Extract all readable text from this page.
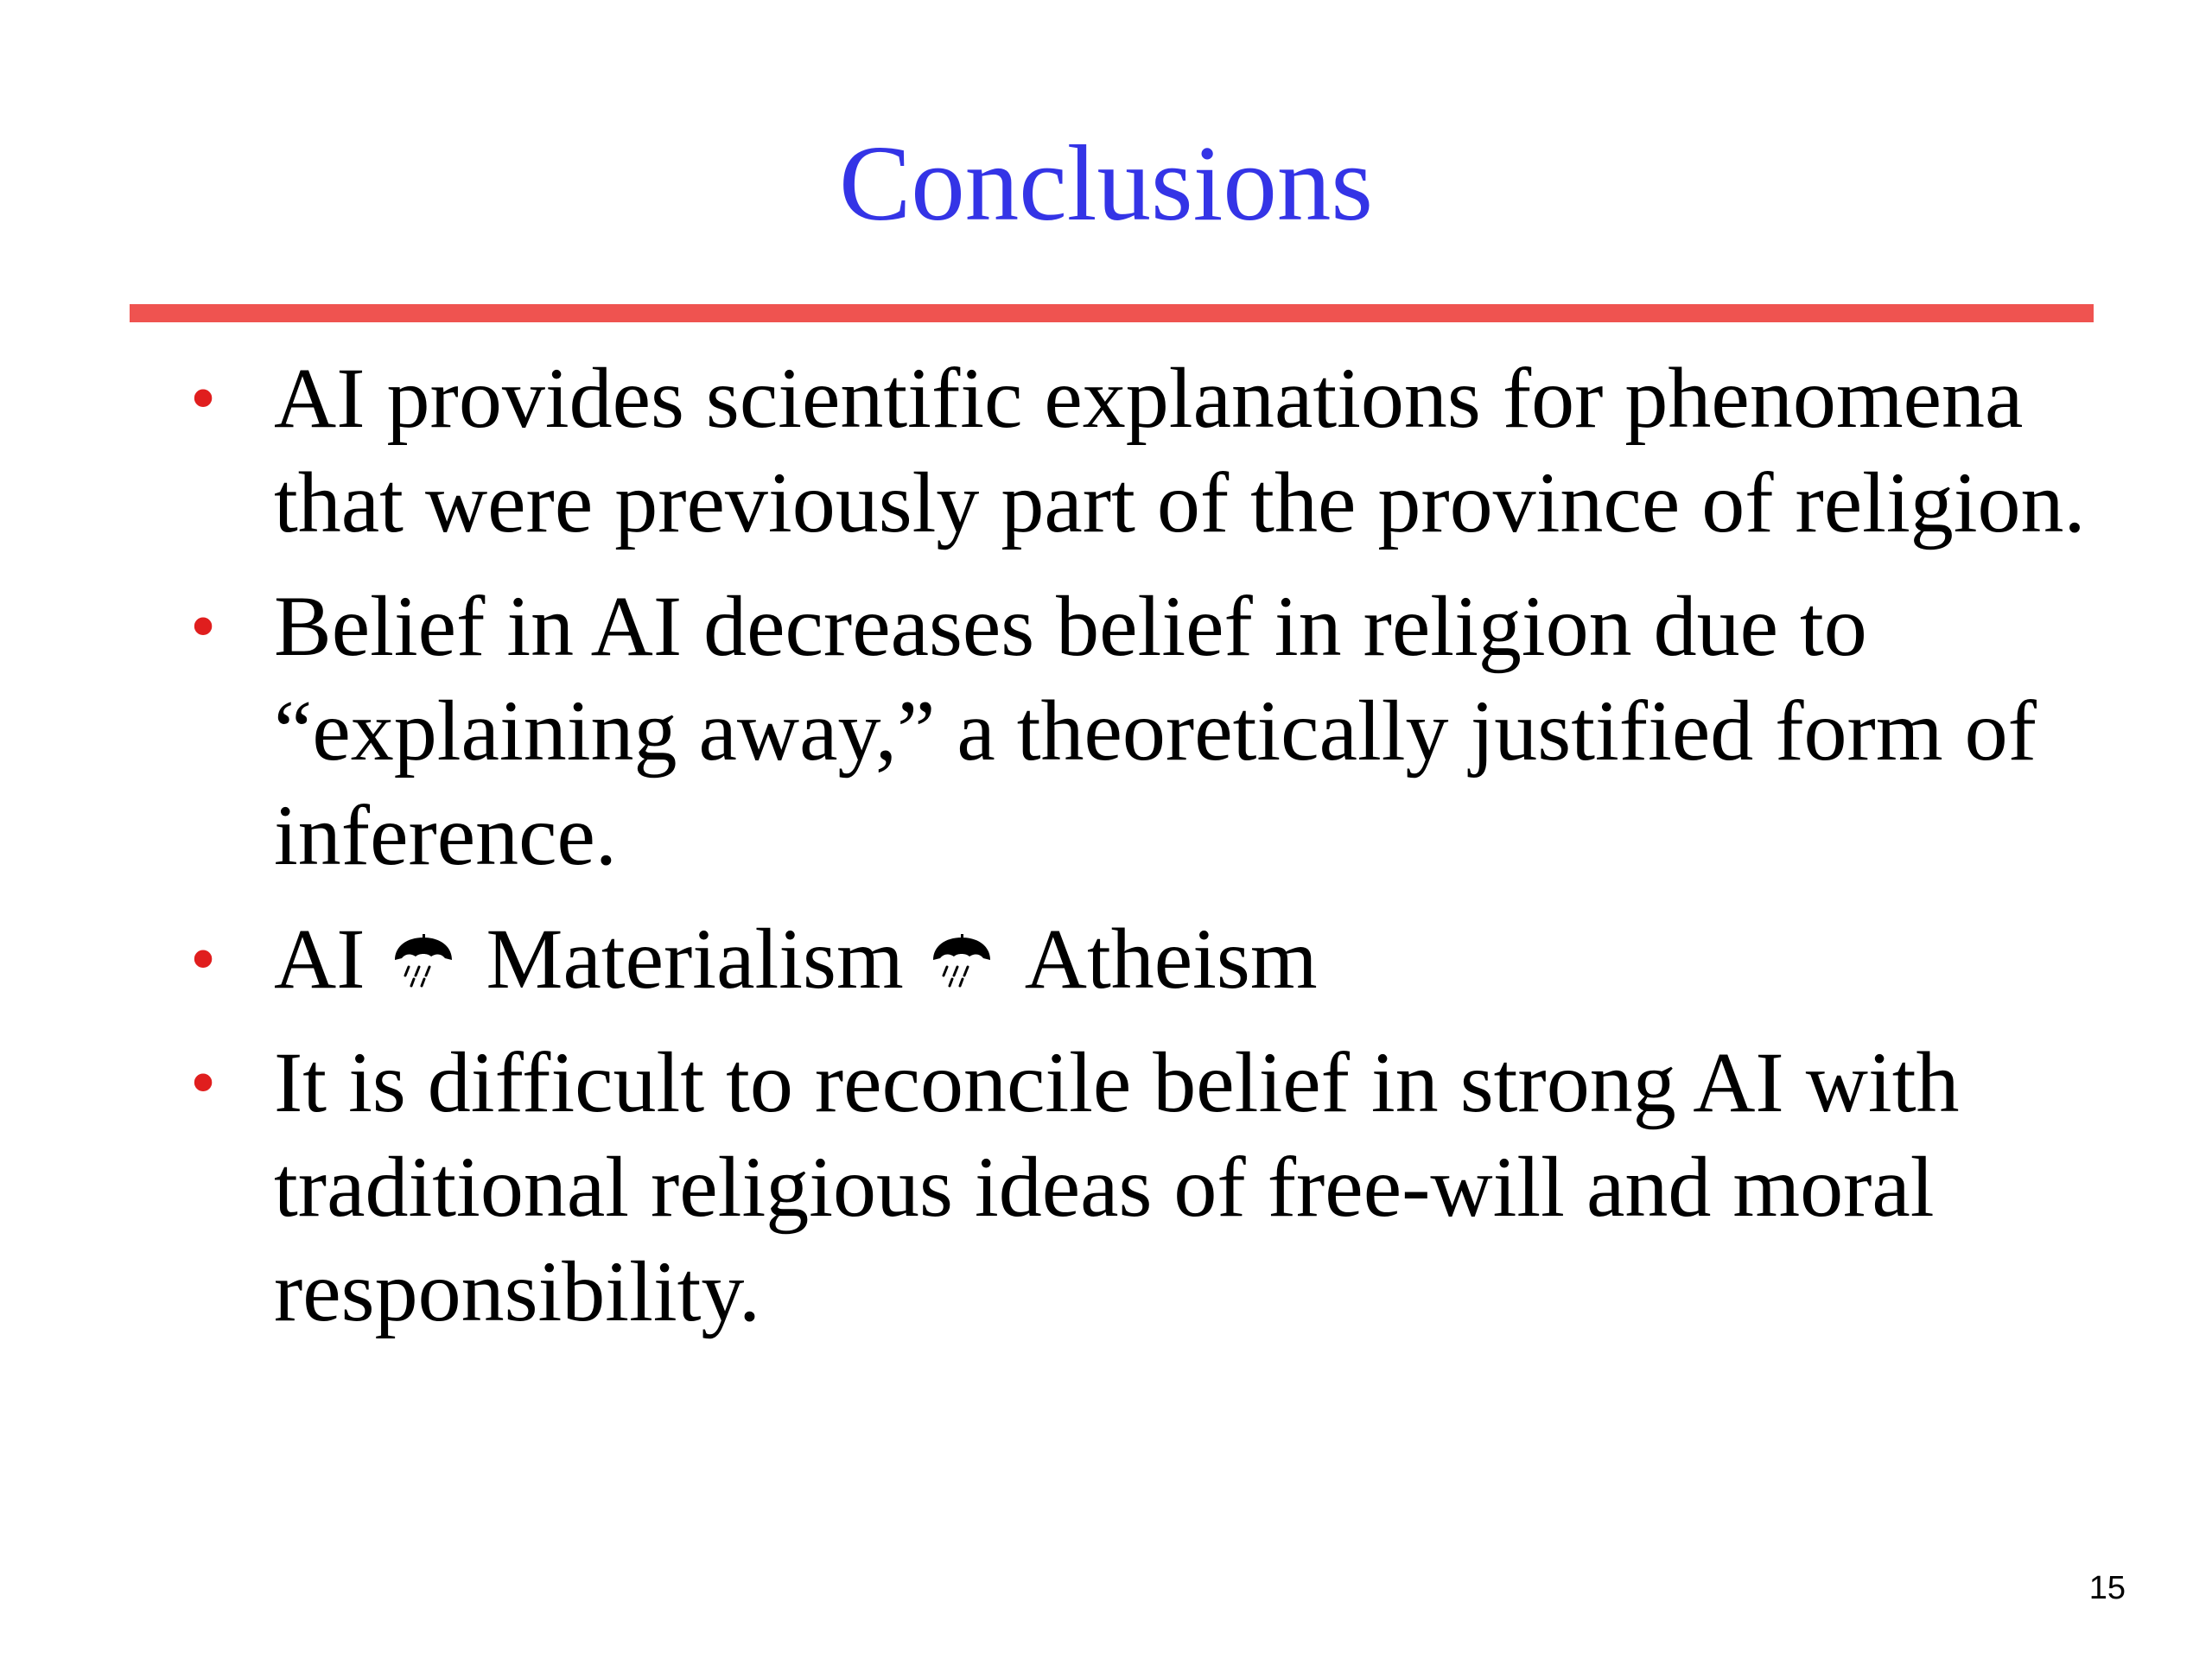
Conclusions
• AI provides scientific explanations for phenomena that were previously part of the province of religion.
• Belief in AI decreases belief in religion due to “explaining away,” a theoretically justified form of inference.
• AI Materialism Atheism
• It is difficult to reconcile belief in strong AI with traditional religious ideas of free-will and moral responsibility.
15
